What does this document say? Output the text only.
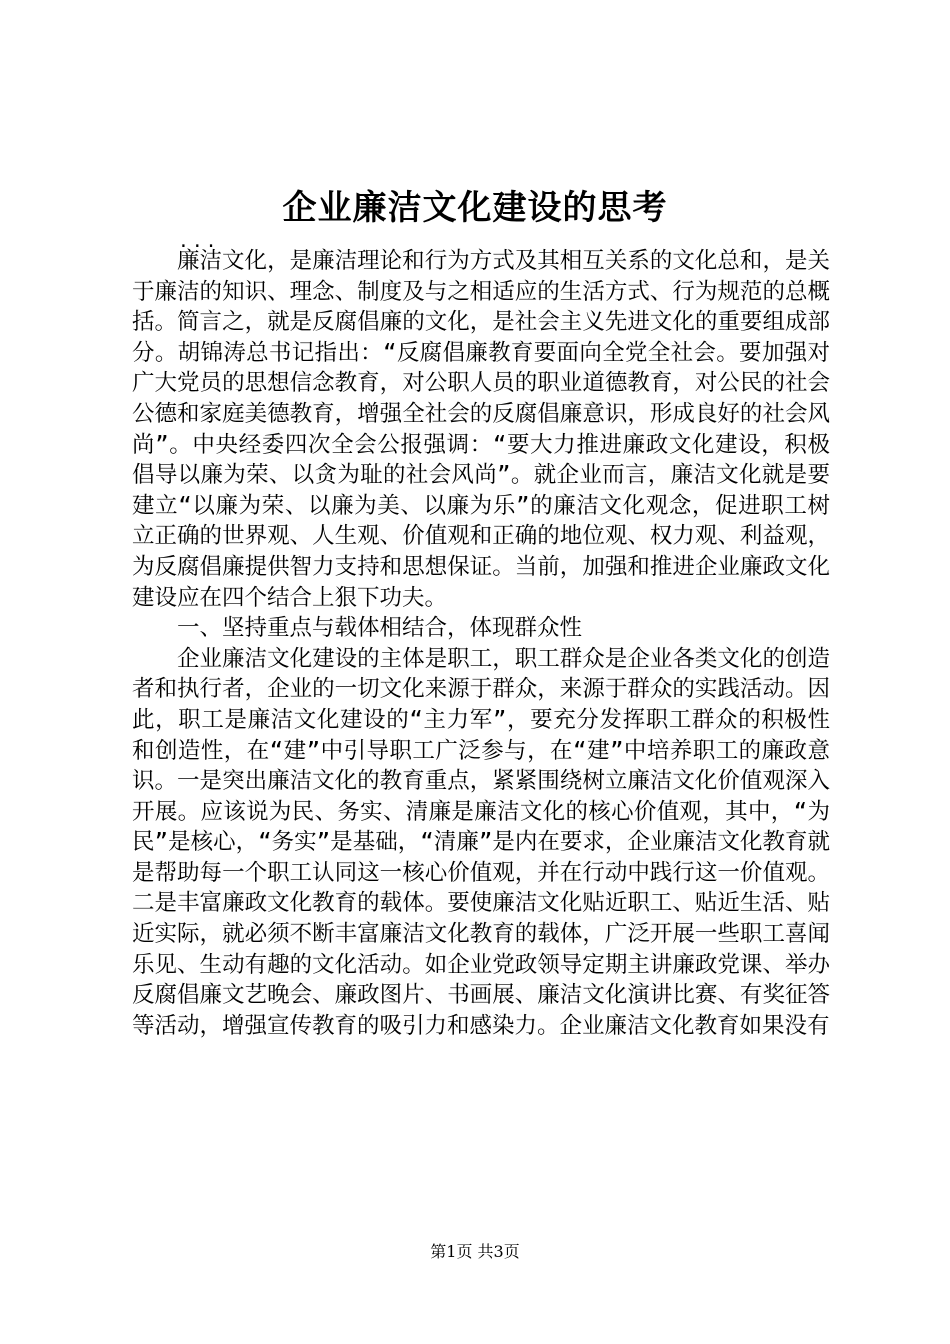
企业廉洁文化建设的思考
...

廉洁文化，是廉洁理论和行为方式及其相互关系的文化总和，是关于廉洁的知识、理念、制度及与之相适应的生活方式、行为规范的总概括。简言之，就是反腐倡廉的文化，是社会主义先进文化的重要组成部分。胡锦涛总书记指出：“反腐倡廉教育要面向全党全社会。要加强对广大党员的思想信念教育，对公职人员的职业道德教育，对公民的社会公德和家庭美德教育，增强全社会的反腐倡廉意识，形成良好的社会风尚”。中央经委四次全会公报强调：“要大力推进廉政文化建设，积极倡导以廉为荣、以贪为耻的社会风尚”。就企业而言，廉洁文化就是要建立“以廉为荣、以廉为美、以廉为乐”的廉洁文化观念，促进职工树立正确的世界观、人生观、价值观和正确的地位观、权力观、利益观，为反腐倡廉提供智力支持和思想保证。当前，加强和推进企业廉政文化建设应在四个结合上狠下功夫。

一、坚持重点与载体相结合，体现群众性

企业廉洁文化建设的主体是职工，职工群众是企业各类文化的创造者和执行者，企业的一切文化来源于群众，来源于群众的实践活动。因此，职工是廉洁文化建设的“主力军”，要充分发挥职工群众的积极性和创造性，在“建”中引导职工广泛参与，在“建”中培养职工的廉政意识。一是突出廉洁文化的教育重点，紧紧围绕树立廉洁文化价值观深入开展。应该说为民、务实、清廉是廉洁文化的核心价值观，其中，“为民”是核心，“务实”是基础，“清廉”是内在要求，企业廉洁文化教育就是帮助每一个职工认同这一核心价值观，并在行动中践行这一价值观。二是丰富廉政文化教育的载体。要使廉洁文化贴近职工、贴近生活、贴近实际，就必须不断丰富廉洁文化教育的载体，广泛开展一些职工喜闻乐见、生动有趣的文化活动。如企业党政领导定期主讲廉政党课、举办反腐倡廉文艺晚会、廉政图片、书画展、廉洁文化演讲比赛、有奖征答等活动，增强宣传教育的吸引力和感染力。企业廉洁文化教育如果没有

第1页 共3页
